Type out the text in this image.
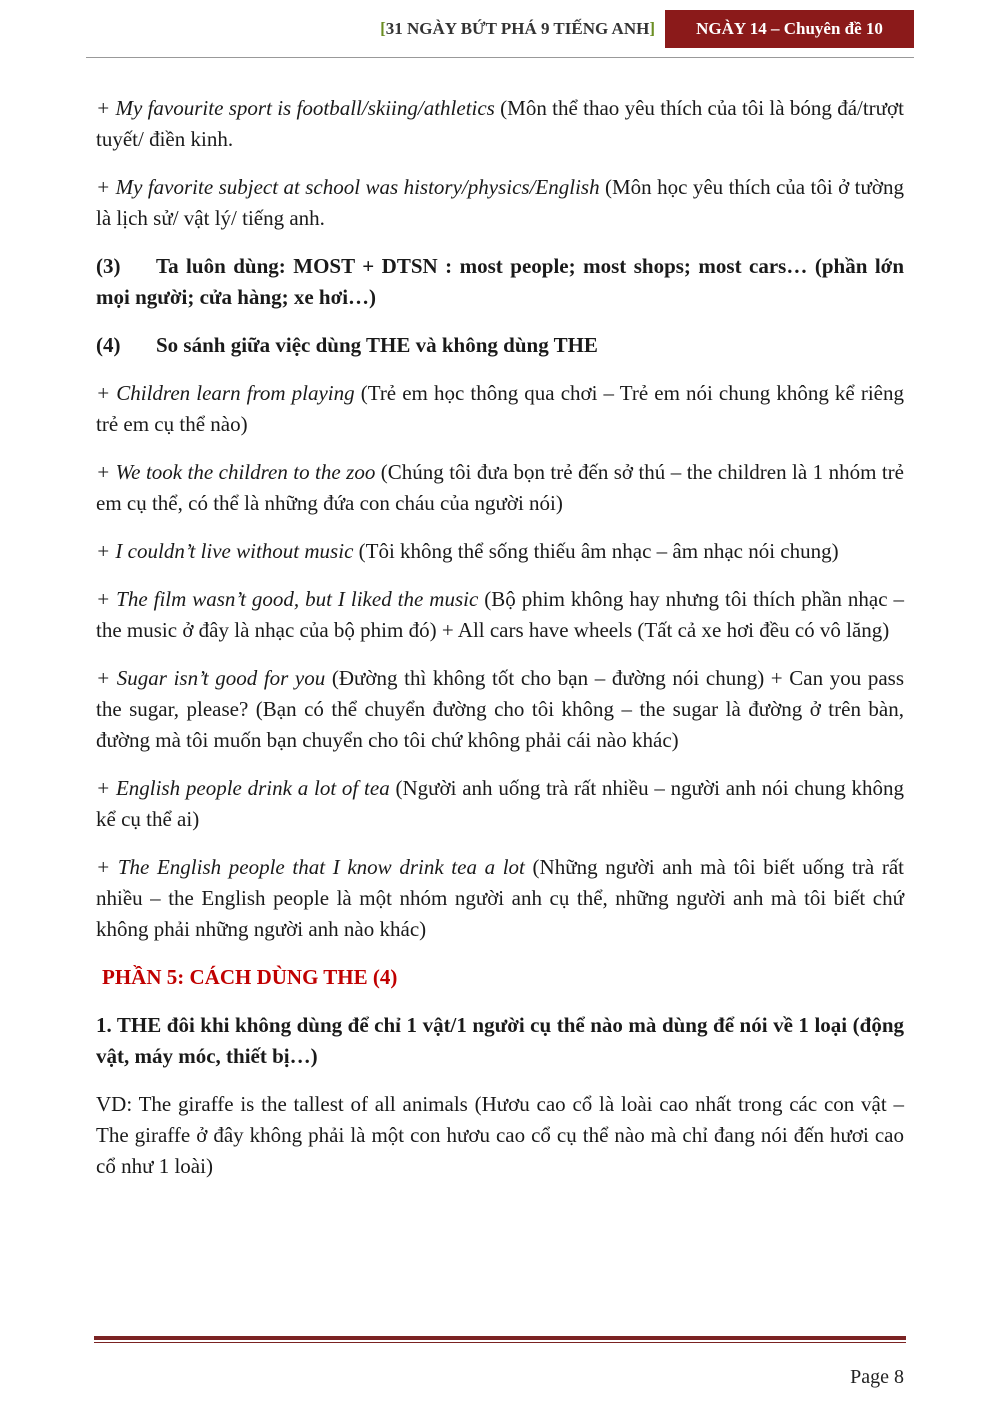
[31 NGÀY BỨT PHÁ 9 TIẾNG ANH]	NGÀY 14 – Chuyên đề 10

+ My favourite sport is football/skiing/athletics (Môn thể thao yêu thích của tôi là bóng đá/trượt tuyết/ điền kinh.

+ My favorite subject at school was history/physics/English (Môn học yêu thích của tôi ở tường là lịch sử/ vật lý/ tiếng anh.

(3) Ta luôn dùng: MOST + DTSN : most people; most shops; most cars… (phần lớn mọi người; cửa hàng; xe hơi…)

(4) So sánh giữa việc dùng THE và không dùng THE

+ Children learn from playing (Trẻ em học thông qua chơi – Trẻ em nói chung không kể riêng trẻ em cụ thể nào)

+ We took the children to the zoo (Chúng tôi đưa bọn trẻ đến sở thú – the children là 1 nhóm trẻ em cụ thể, có thể là những đứa con cháu của người nói)

+ I couldn’t live without music (Tôi không thể sống thiếu âm nhạc – âm nhạc nói chung)

+ The film wasn’t good, but I liked the music (Bộ phim không hay nhưng tôi thích phần nhạc – the music ở đây là nhạc của bộ phim đó) + All cars have wheels (Tất cả xe hơi đều có vô lăng)

+ Sugar isn’t good for you (Đường thì không tốt cho bạn – đường nói chung) + Can you pass the sugar, please? (Bạn có thể chuyển đường cho tôi không – the sugar là đường ở trên bàn, đường mà tôi muốn bạn chuyển cho tôi chứ không phải cái nào khác)

+ English people drink a lot of tea (Người anh uống trà rất nhiều – người anh nói chung không kể cụ thể ai)

+ The English people that I know drink tea a lot (Những người anh mà tôi biết uống trà rất nhiều – the English people là một nhóm người anh cụ thể, những người anh mà tôi biết chứ không phải những người anh nào khác)

PHẦN 5: CÁCH DÙNG THE (4)

1. THE đôi khi không dùng để chỉ 1 vật/1 người cụ thể nào mà dùng để nói về 1 loại (động vật, máy móc, thiết bị…)

VD: The giraffe is the tallest of all animals (Hươu cao cổ là loài cao nhất trong các con vật – The giraffe ở đây không phải là một con hươu cao cổ cụ thể nào mà chỉ đang nói đến hươi cao cổ như 1 loài)

Page 8
